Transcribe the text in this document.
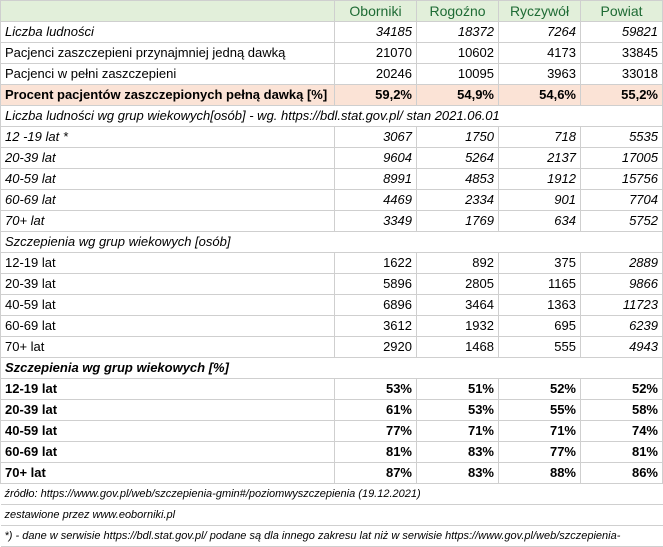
	Oborniki	Rogoźno	Ryczywół	Powiat
Liczba ludności	34185	18372	7264	59821
Pacjenci zaszczepieni przynajmniej jedną dawką	21070	10602	4173	33845
Pacjenci w pełni zaszczepieni	20246	10095	3963	33018
Procent pacjentów zaszczepionych pełną dawką [%]	59,2%	54,9%	54,6%	55,2%
Liczba ludności wg grup wiekowych[osób] - wg. https://bdl.stat.gov.pl/ stan 2021.06.01				
12 -19 lat *	3067	1750	718	5535
20-39 lat	9604	5264	2137	17005
40-59 lat	8991	4853	1912	15756
60-69 lat	4469	2334	901	7704
70+ lat	3349	1769	634	5752
Szczepienia wg grup wiekowych [osób]				
12-19 lat	1622	892	375	2889
20-39 lat	5896	2805	1165	9866
40-59 lat	6896	3464	1363	11723
60-69 lat	3612	1932	695	6239
70+ lat	2920	1468	555	4943
Szczepienia wg grup wiekowych [%]				
12-19 lat	53%	51%	52%	52%
20-39 lat	61%	53%	55%	58%
40-59 lat	77%	71%	71%	74%
60-69 lat	81%	83%	77%	81%
70+ lat	87%	83%	88%	86%
źródło: https://www.gov.pl/web/szczepienia-gmin#/poziomwyszczepienia (19.12.2021)				
zestawione przez www.eoborniki.pl				
*) - dane w serwisie https://bdl.stat.gov.pl/ podane są dla innego zakresu lat niż w serwisie https://www.gov.pl/web/szczepienia-				
